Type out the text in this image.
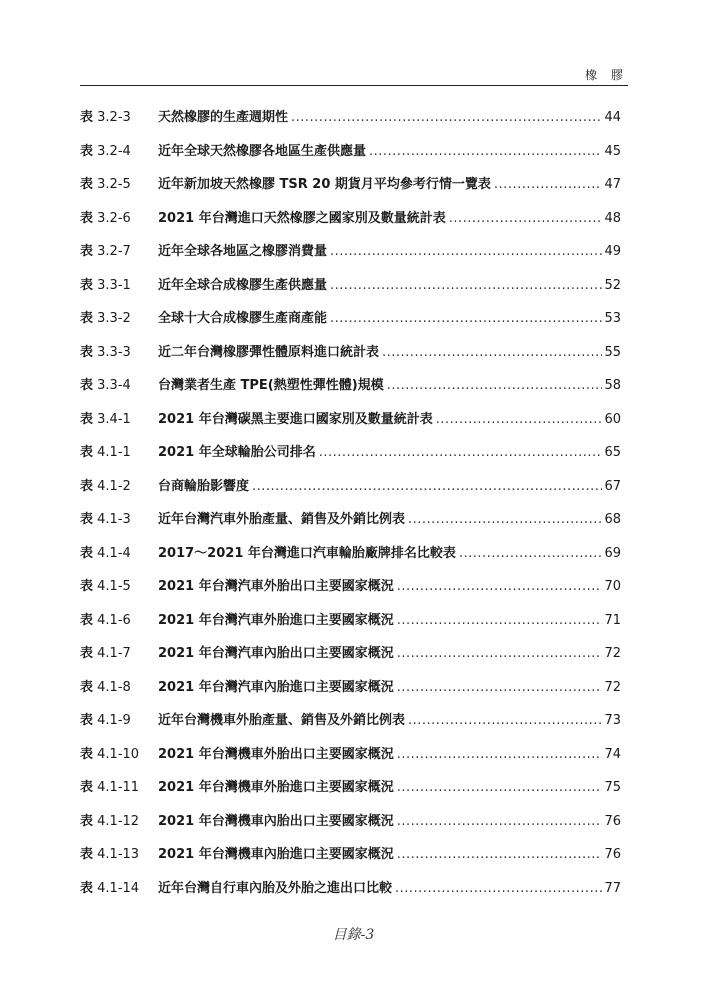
橡 膠
表 3.2-3	天然橡膠的生產週期性 .....	44
表 3.2-4	近年全球天然橡膠各地區生產供應量 .....	45
表 3.2-5	近年新加坡天然橡膠 TSR 20 期貨月平均參考行情一覽表 .....	47
表 3.2-6	2021 年台灣進口天然橡膠之國家別及數量統計表 .....	48
表 3.2-7	近年全球各地區之橡膠消費量 .....	49
表 3.3-1	近年全球合成橡膠生產供應量 .....	52
表 3.3-2	全球十大合成橡膠生產商產能 .....	53
表 3.3-3	近二年台灣橡膠彈性體原料進口統計表 .....	55
表 3.3-4	台灣業者生產 TPE(熱塑性彈性體)規模 .....	58
表 3.4-1	2021 年台灣碳黑主要進口國家別及數量統計表 .....	60
表 4.1-1	2021 年全球輪胎公司排名 .....	65
表 4.1-2	台商輪胎影響度 .....	67
表 4.1-3	近年台灣汽車外胎產量、銷售及外銷比例表 .....	68
表 4.1-4	2017～2021 年台灣進口汽車輪胎廠牌排名比較表 .....	69
表 4.1-5	2021 年台灣汽車外胎出口主要國家概況 .....	70
表 4.1-6	2021 年台灣汽車外胎進口主要國家概況 .....	71
表 4.1-7	2021 年台灣汽車內胎出口主要國家概況 .....	72
表 4.1-8	2021 年台灣汽車內胎進口主要國家概況 .....	72
表 4.1-9	近年台灣機車外胎產量、銷售及外銷比例表 .....	73
表 4.1-10	2021 年台灣機車外胎出口主要國家概況 .....	74
表 4.1-11	2021 年台灣機車外胎進口主要國家概況 .....	75
表 4.1-12	2021 年台灣機車內胎出口主要國家概況 .....	76
表 4.1-13	2021 年台灣機車內胎進口主要國家概況 .....	76
表 4.1-14	近年台灣自行車內胎及外胎之進出口比較 .....	77
目錄-3
